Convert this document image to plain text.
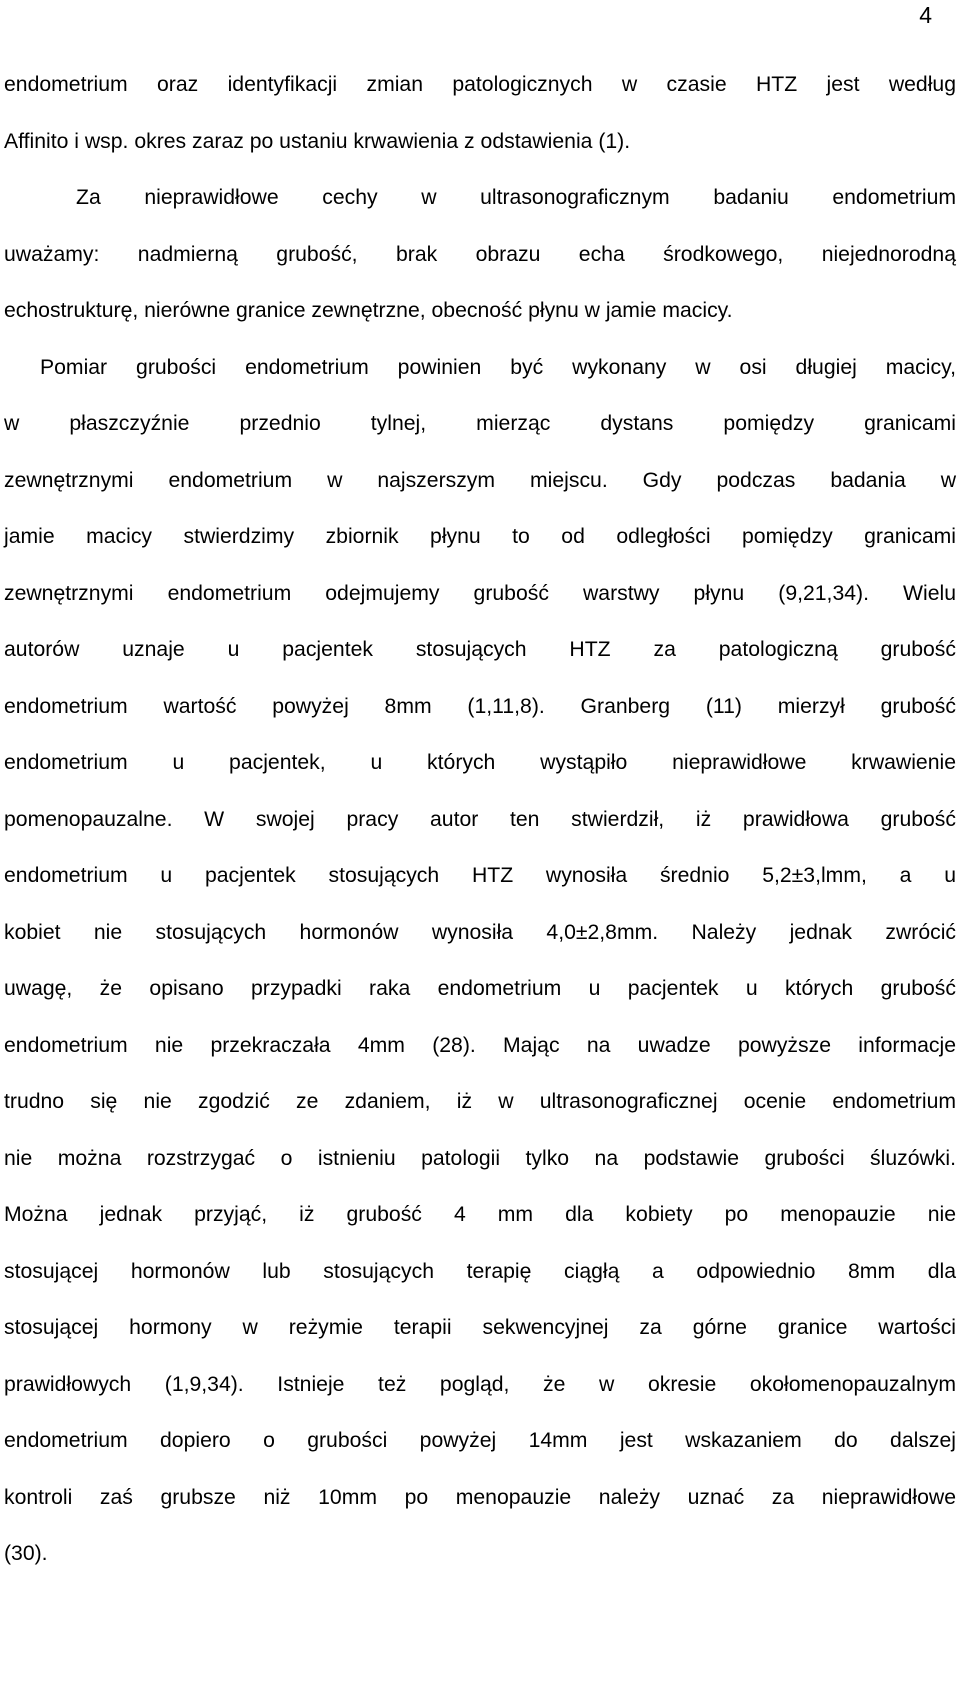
4
endometrium oraz identyfikacji zmian patologicznych w czasie HTZ jest według
Affinito i wsp. okres zaraz po ustaniu krwawienia z odstawienia (1).
Za nieprawidłowe cechy w ultrasonograficznym badaniu endometrium
uważamy: nadmierną grubość, brak obrazu echa środkowego, niejednorodną
echostrukturę, nierówne granice zewnętrzne, obecność płynu w jamie macicy.
Pomiar grubości endometrium powinien być wykonany w osi długiej macicy,
w płaszczyźnie przednio tylnej, mierząc dystans pomiędzy granicami
zewnętrznymi endometrium w najszerszym miejscu. Gdy podczas badania w
jamie macicy stwierdzimy zbiornik płynu to od odległości pomiędzy granicami
zewnętrznymi endometrium odejmujemy grubość warstwy płynu (9,21,34). Wielu
autorów uznaje u pacjentek stosujących HTZ za patologiczną grubość
endometrium wartość powyżej 8mm (1,11,8). Granberg (11) mierzył grubość
endometrium u pacjentek, u których wystąpiło nieprawidłowe krwawienie
pomenopauzalne. W swojej pracy autor ten stwierdził, iż prawidłowa grubość
endometrium u pacjentek stosujących HTZ wynosiła średnio 5,2±3,lmm, a u
kobiet nie stosujących hormonów wynosiła 4,0±2,8mm. Należy jednak zwrócić
uwagę, że opisano przypadki raka endometrium u pacjentek u których grubość
endometrium nie przekraczała 4mm (28). Mając na uwadze powyższe informacje
trudno się nie zgodzić ze zdaniem, iż w ultrasonograficznej ocenie endometrium
nie można rozstrzygać o istnieniu patologii tylko na podstawie grubości śluzówki.
Można jednak przyjąć, iż grubość 4 mm dla kobiety po menopauzie nie
stosującej hormonów lub stosujących terapię ciągłą a odpowiednio 8mm dla
stosującej hormony w reżymie terapii sekwencyjnej za górne granice wartości
prawidłowych (1,9,34). Istnieje też pogląd, że w okresie okołomenopauzalnym
endometrium dopiero o grubości powyżej 14mm jest wskazaniem do dalszej
kontroli zaś grubsze niż 10mm po menopauzie należy uznać za nieprawidłowe
(30).
